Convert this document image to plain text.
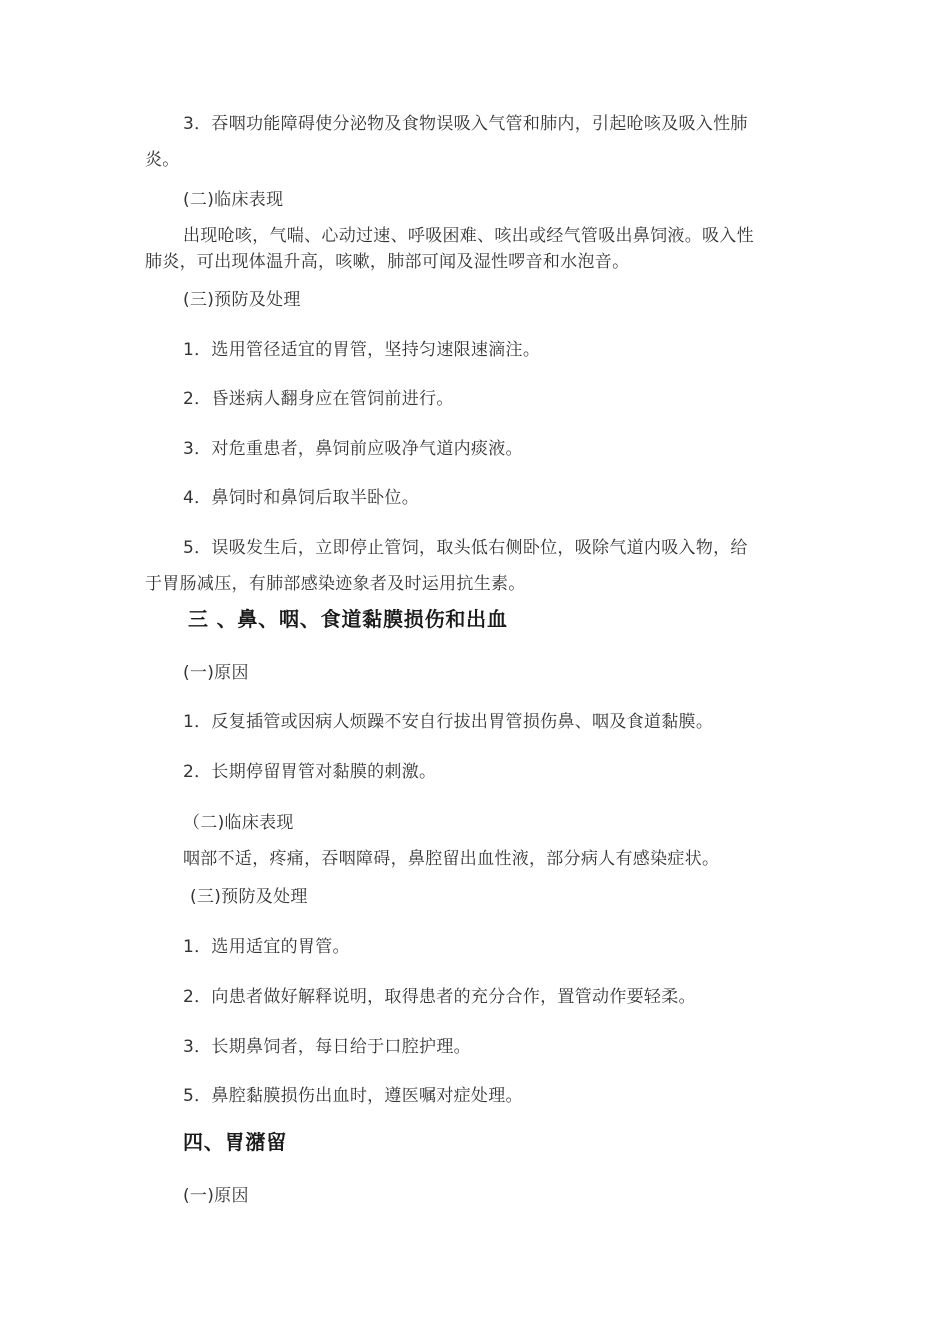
3．吞咽功能障碍使分泌物及食物误吸入气管和肺内，引起呛咳及吸入性肺
炎。
(二)临床表现
出现呛咳，气喘、心动过速、呼吸困难、咳出或经气管吸出鼻饲液。吸入性
肺炎，可出现体温升高，咳嗽，肺部可闻及湿性啰音和水泡音。
(三)预防及处理
1．选用管径适宜的胃管，坚持匀速限速滴注。
2．昏迷病人翻身应在管饲前进行。
3．对危重患者，鼻饲前应吸净气道内痰液。
4．鼻饲时和鼻饲后取半卧位。
5．误吸发生后，立即停止管饲，取头低右侧卧位，吸除气道内吸入物，给
于胃肠减压，有肺部感染迹象者及时运用抗生素。
三 、鼻、咽、食道黏膜损伤和出血
(一)原因
1．反复插管或因病人烦躁不安自行拔出胃管损伤鼻、咽及食道黏膜。
2．长期停留胃管对黏膜的刺激。
（二)临床表现
咽部不适，疼痛，吞咽障碍，鼻腔留出血性液，部分病人有感染症状。
(三)预防及处理
1．选用适宜的胃管。
2．向患者做好解释说明，取得患者的充分合作，置管动作要轻柔。
3．长期鼻饲者，每日给于口腔护理。
5．鼻腔黏膜损伤出血时，遵医嘱对症处理。
四、胃潴留
(一)原因
